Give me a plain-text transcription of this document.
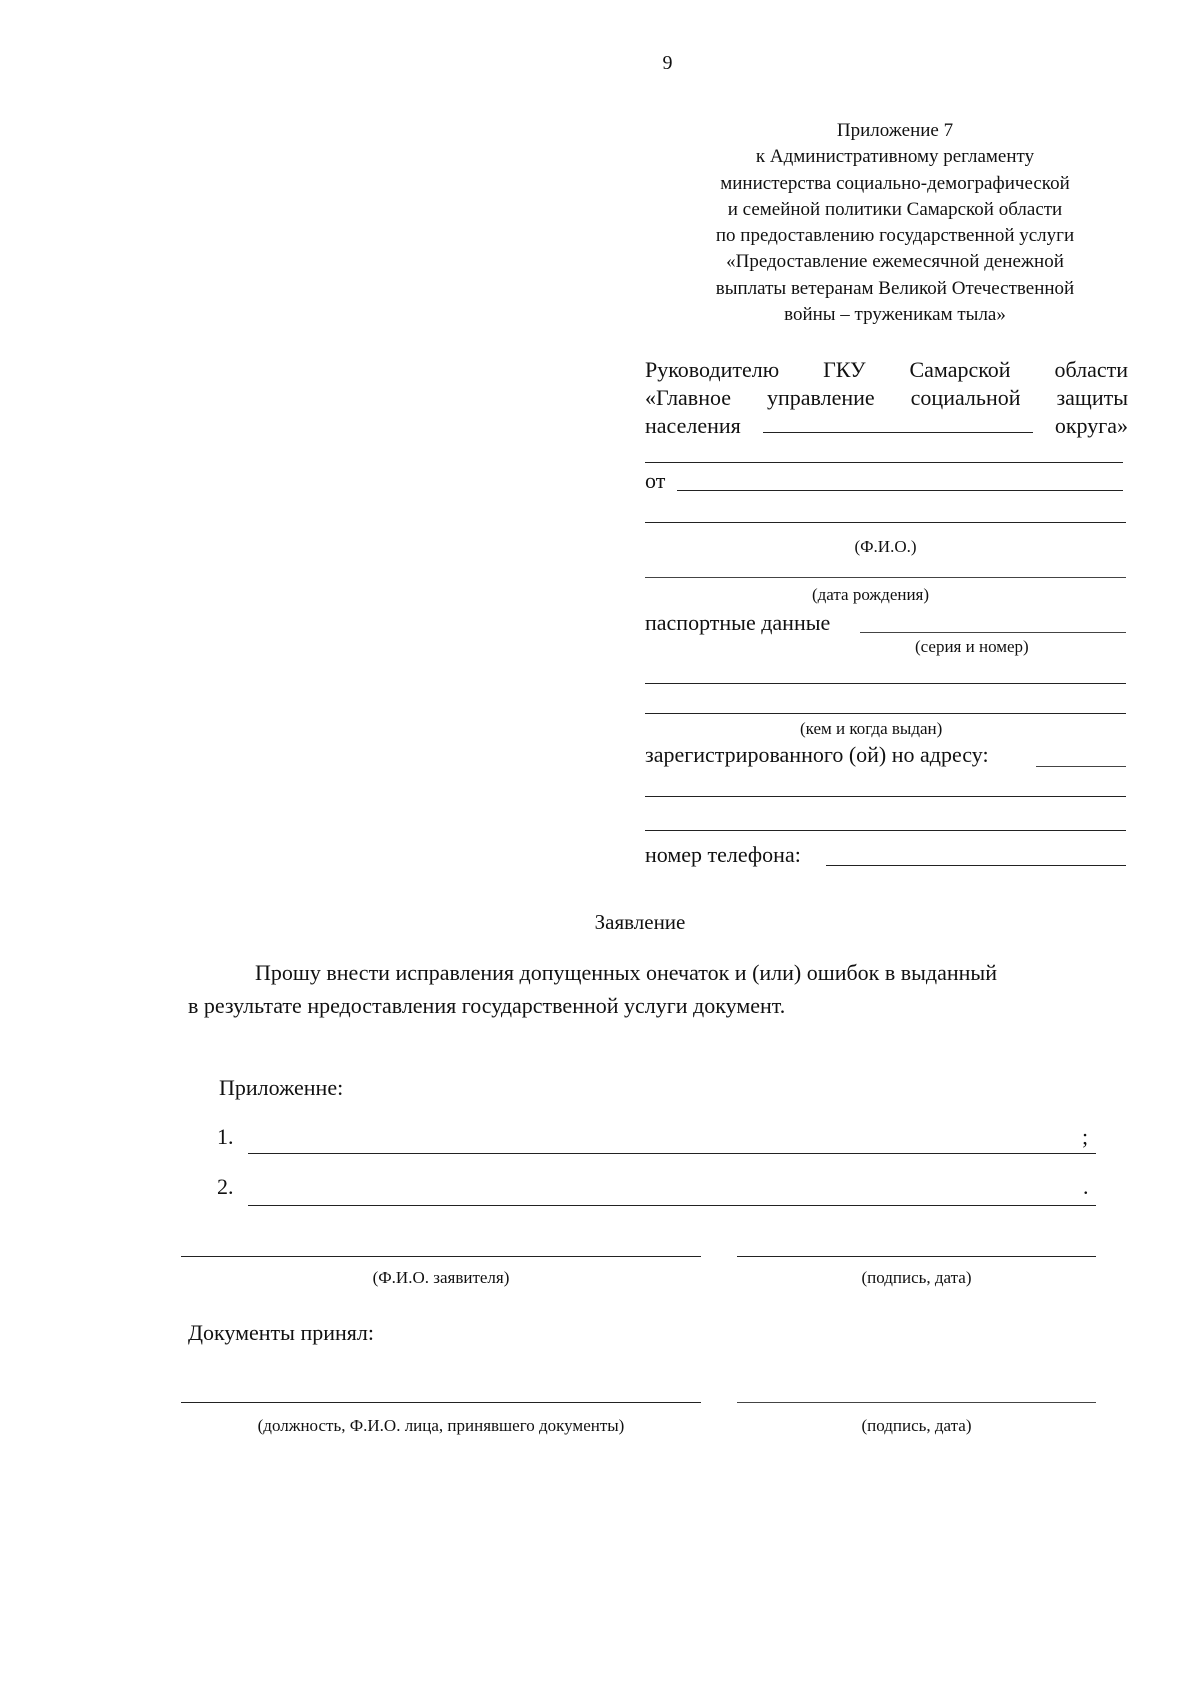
9
Приложение 7
к Административному регламенту
министерства социально-демографической
и семейной политики Самарской области
по предоставлению государственной услуги
«Предоставление ежемесячной денежной
выплаты ветеранам Великой Отечественной
войны – труженикам тыла»
Руководителю ГКУ Самарской области
«Главное управление социальной защиты
населения	округа»
от
(Ф.И.О.)
(дата рождения)
паспортные данные
(серия и номер)
(кем и когда выдан)
зарегистрированного (ой) но адресу:
номер телефона:
Заявление
Прошу внести исправления допущенных онечаток и (или) ошибок в выданный
в результате нредоставления государственной услуги документ.
Приложенне:
1.	;
2.	.
(Ф.И.О. заявителя)	(подпись, дата)
Документы принял:
(должность, Ф.И.О. лица, принявшего документы)	(подпись, дата)
